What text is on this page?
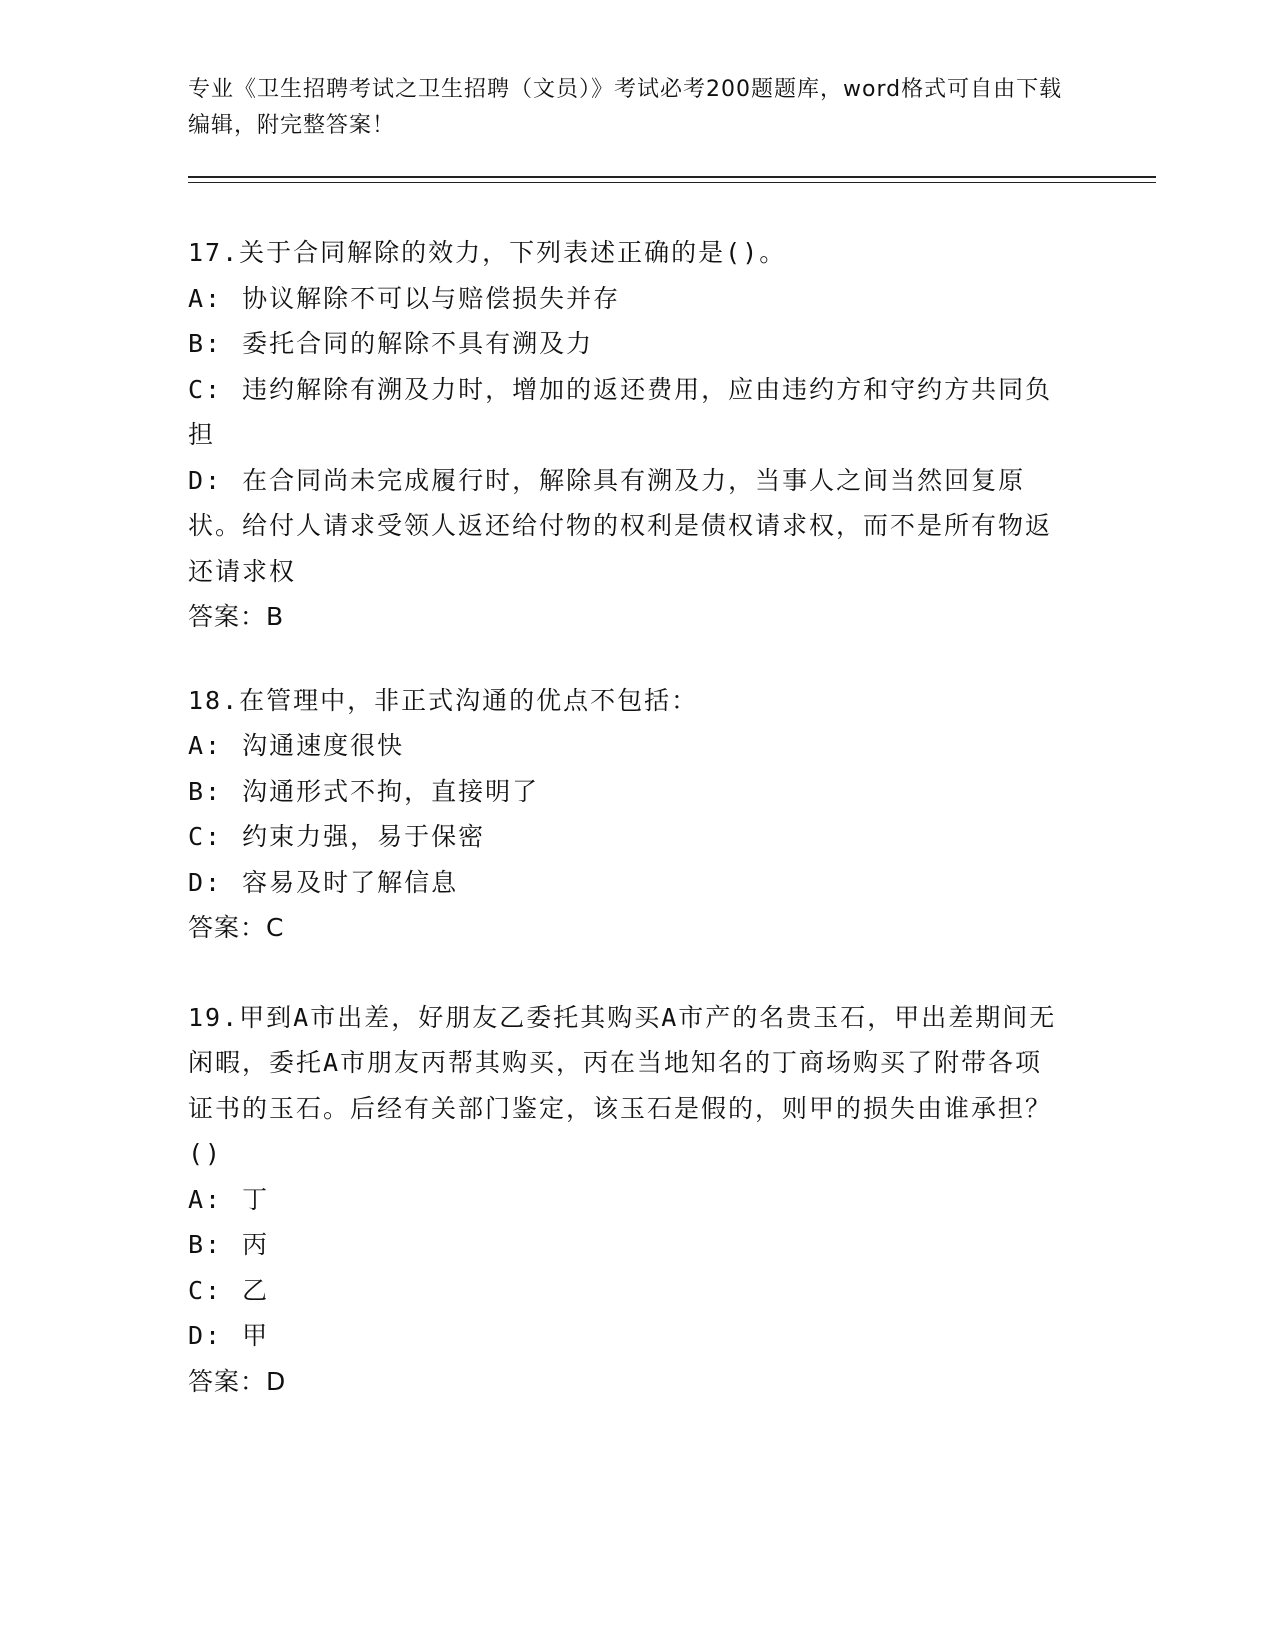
专业《卫生招聘考试之卫生招聘（文员）》考试必考200题题库，word格式可自由下载编辑，附完整答案！

17.关于合同解除的效力，下列表述正确的是()。

A: 协议解除不可以与赔偿损失并存

B: 委托合同的解除不具有溯及力

C: 违约解除有溯及力时，增加的返还费用，应由违约方和守约方共同负担

D: 在合同尚未完成履行时，解除具有溯及力，当事人之间当然回复原状。给付人请求受领人返还给付物的权利是债权请求权，而不是所有物返还请求权

答案：B

18.在管理中，非正式沟通的优点不包括：

A: 沟通速度很快

B: 沟通形式不拘，直接明了

C: 约束力强，易于保密

D: 容易及时了解信息

答案：C

19.甲到A市出差，好朋友乙委托其购买A市产的名贵玉石，甲出差期间无闲暇，委托A市朋友丙帮其购买，丙在当地知名的丁商场购买了附带各项证书的玉石。后经有关部门鉴定，该玉石是假的，则甲的损失由谁承担？()

A: 丁

B: 丙

C: 乙

D: 甲

答案：D
